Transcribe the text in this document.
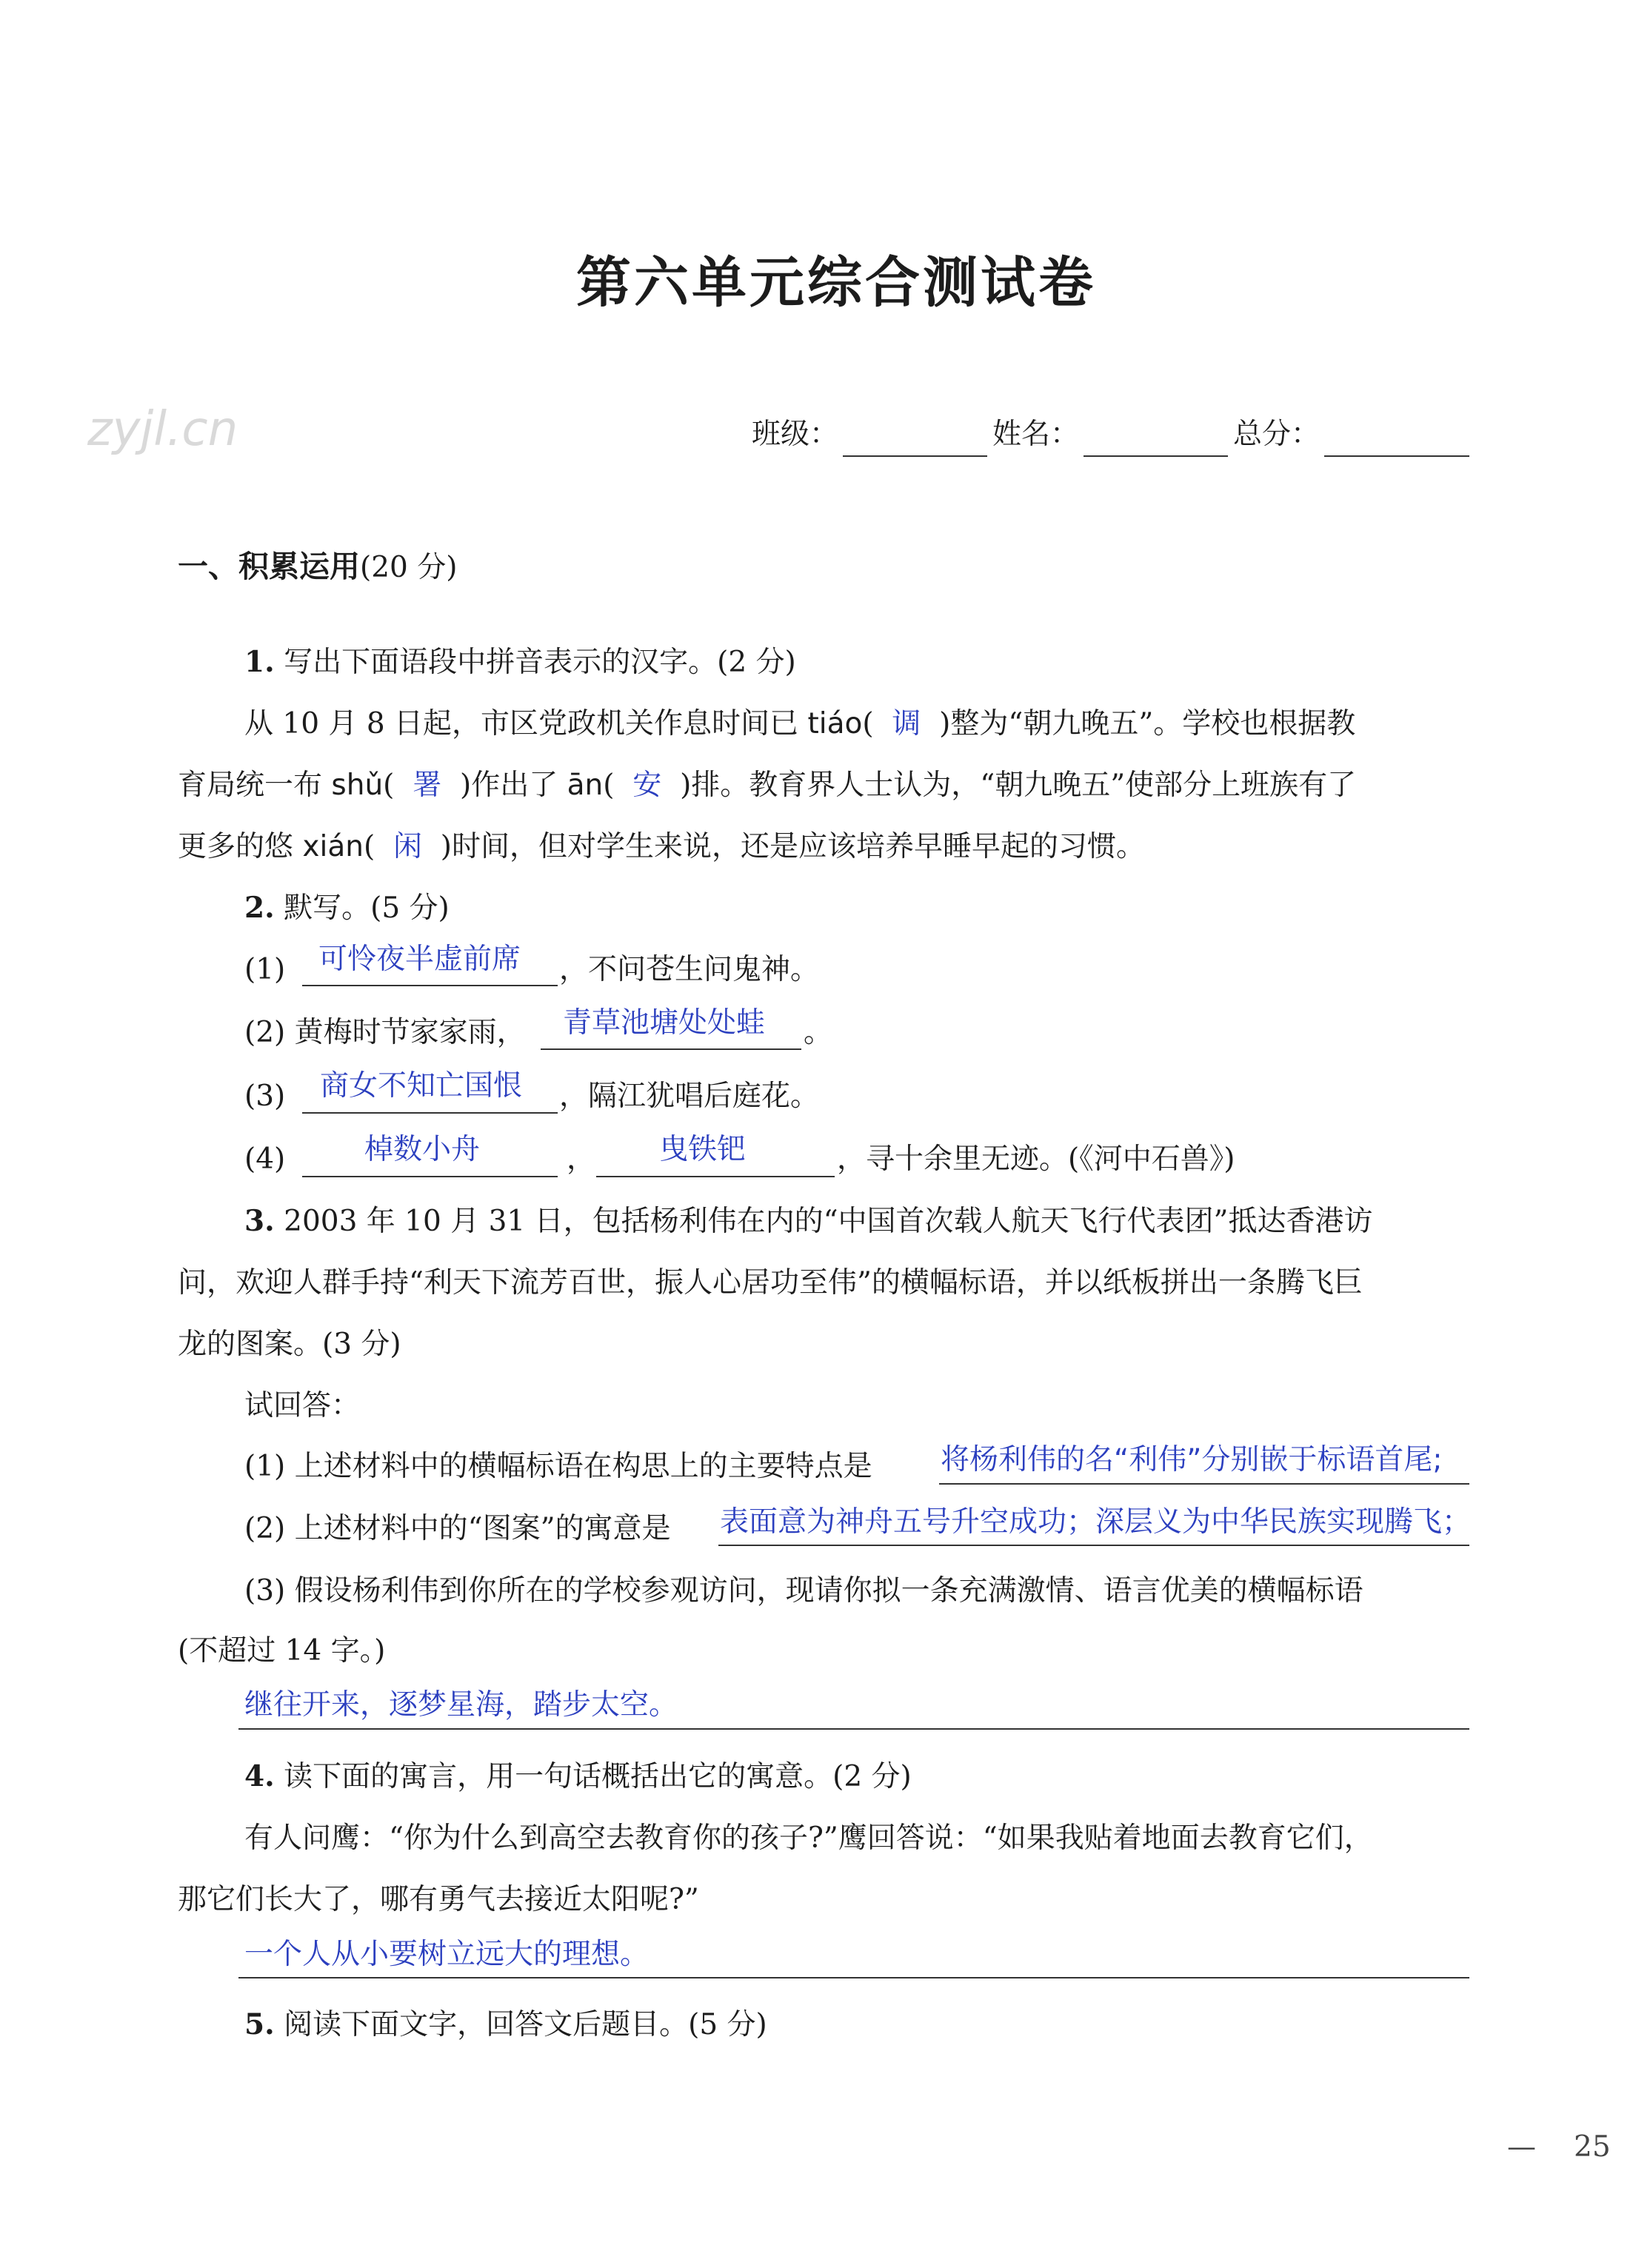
第六单元综合测试卷
zyjl.cn	班级：	姓名：	总分：
一、积累运用(20 分)
1. 写出下面语段中拼音表示的汉字。(2 分)
从 10 月 8 日起，市区党政机关作息时间已 tiáo(  调  )整为“朝九晚五”。学校也根据教
育局统一布 shǔ(  署  )作出了 ān(  安  )排。教育界人士认为，“朝九晚五”使部分上班族有了
更多的悠 xián(  闲  )时间，但对学生来说，还是应该培养早睡早起的习惯。
2. 默写。(5 分)
(1) 可怜夜半虚前席 ，不问苍生问鬼神。
(2) 黄梅时节家家雨， 青草池塘处处蛙 。
(3) 商女不知亡国恨 ，隔江犹唱后庭花。
(4)	棹数小舟	， 曳铁钯	，寻十余里无迹。(《河中石兽》)
3. 2003 年 10 月 31 日，包括杨利伟在内的“中国首次载人航天飞行代表团”抵达香港访
问，欢迎人群手持“利天下流芳百世，振人心居功至伟”的横幅标语，并以纸板拼出一条腾飞巨
龙的图案。(3 分)
试回答：
(1) 上述材料中的横幅标语在构思上的主要特点是 将杨利伟的名“利伟”分别嵌于标语首尾;
(2) 上述材料中的“图案”的寓意是 表面意为神舟五号升空成功；深层义为中华民族实现腾飞；
(3) 假设杨利伟到你所在的学校参观访问，现请你拟一条充满激情、语言优美的横幅标语
(不超过 14 字。)
继往开来，逐梦星海，踏步太空。
4. 读下面的寓言，用一句话概括出它的寓意。(2 分)
有人问鹰：“你为什么到高空去教育你的孩子?”鹰回答说：“如果我贴着地面去教育它们，
那它们长大了，哪有勇气去接近太阳呢?”
一个人从小要树立远大的理想。
5. 阅读下面文字，回答文后题目。(5 分)
— 25
